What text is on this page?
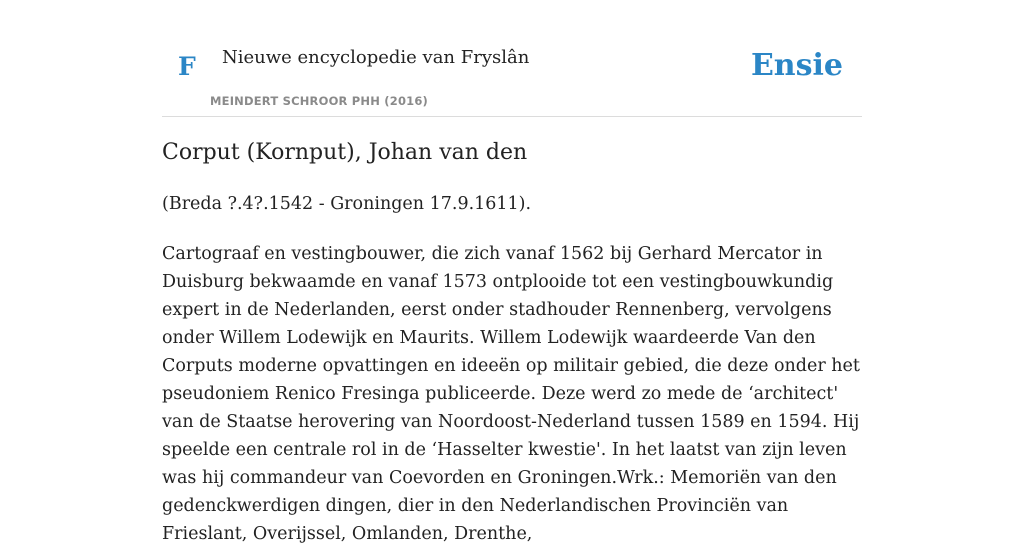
F Nieuwe encyclopedie van Fryslân
MEINDERT SCHROOR PHH (2016)
Ensie
Corput (Kornput), Johan van den
(Breda ?.4?.1542 - Groningen 17.9.1611).
Cartograaf en vestingbouwer, die zich vanaf 1562 bij Gerhard Mercator in Duisburg bekwaamde en vanaf 1573 ontplooide tot een vestingbouwkundig expert in de Nederlanden, eerst onder stadhouder Rennenberg, vervolgens onder Willem Lodewijk en Maurits. Willem Lodewijk waardeerde Van den Corputs moderne opvattingen en ideeën op militair gebied, die deze onder het pseudoniem Renico Fresinga publiceerde. Deze werd zo mede de ‘architect' van de Staatse herovering van Noordoost-Nederland tussen 1589 en 1594. Hij speelde een centrale rol in de ‘Hasselter kwestie'. In het laatst van zijn leven was hij commandeur van Coevorden en Groningen.Wrk.: Memoriën van den gedenckwerdigen dingen, dier in den Nederlandischen Provinciën van Frieslant, Overijssel, Omlanden, Drenthe,
